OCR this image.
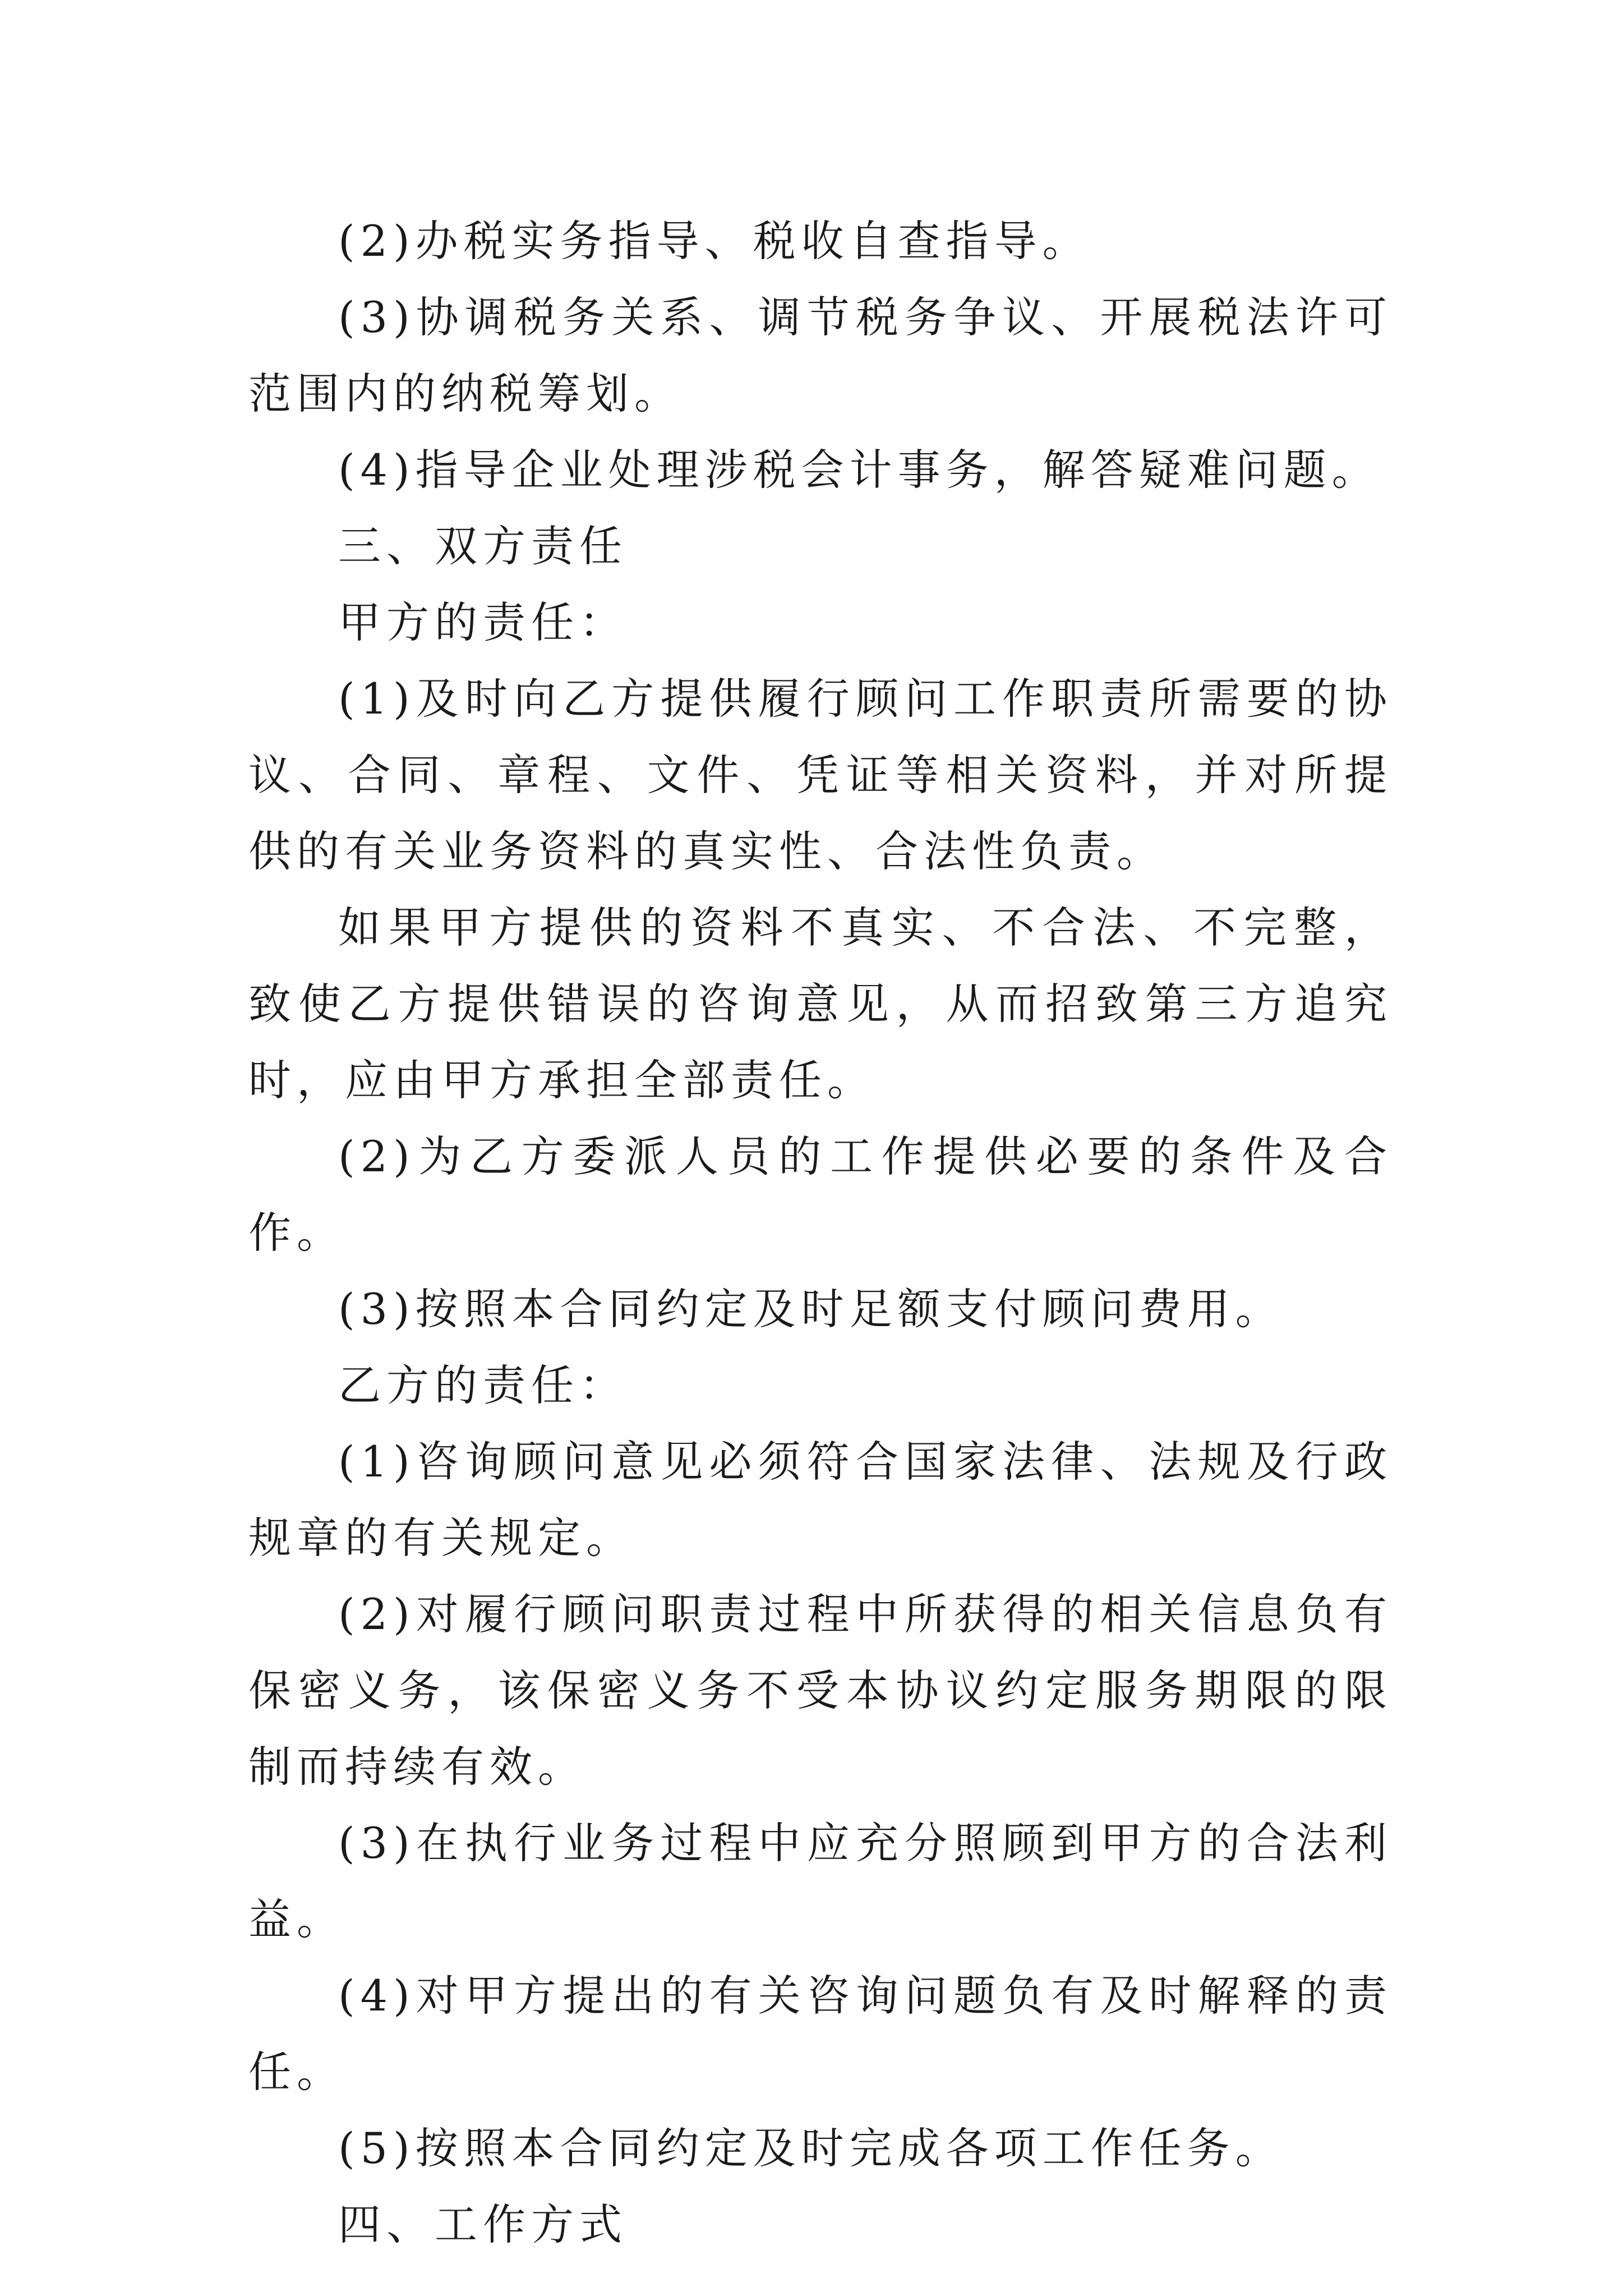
(2)办税实务指导、税收自查指导。

(3)协调税务关系、调节税务争议、开展税法许可范围内的纳税筹划。

(4)指导企业处理涉税会计事务，解答疑难问题。

三、双方责任

甲方的责任：

(1)及时向乙方提供履行顾问工作职责所需要的协议、合同、章程、文件、凭证等相关资料，并对所提供的有关业务资料的真实性、合法性负责。

如果甲方提供的资料不真实、不合法、不完整，致使乙方提供错误的咨询意见，从而招致第三方追究时，应由甲方承担全部责任。

(2)为乙方委派人员的工作提供必要的条件及合作。

(3)按照本合同约定及时足额支付顾问费用。

乙方的责任：

(1)咨询顾问意见必须符合国家法律、法规及行政规章的有关规定。

(2)对履行顾问职责过程中所获得的相关信息负有保密义务，该保密义务不受本协议约定服务期限的限制而持续有效。

(3)在执行业务过程中应充分照顾到甲方的合法利益。

(4)对甲方提出的有关咨询问题负有及时解释的责任。

(5)按照本合同约定及时完成各项工作任务。

四、工作方式
